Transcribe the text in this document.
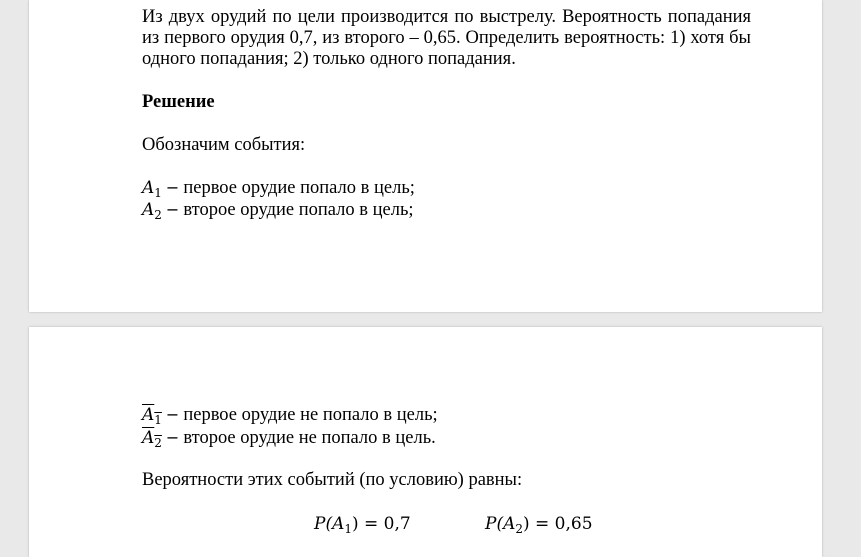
Из двух орудий по цели производится по выстрелу. Вероятность попадания из первого орудия 0,7, из второго – 0,65. Определить вероятность: 1) хотя бы одного попадания; 2) только одного попадания.

Решение

Обозначим события:
$A_1$ − первое орудие попало в цель;
$A_2$ − второе орудие попало в цель;
$A_1$ − первое орудие не попало в цель;
$A_2$ − второе орудие не попало в цель.
Вероятности этих событий (по условию) равны:
$P(A_1) = 0,7$	$P(A_2) = 0,65$
